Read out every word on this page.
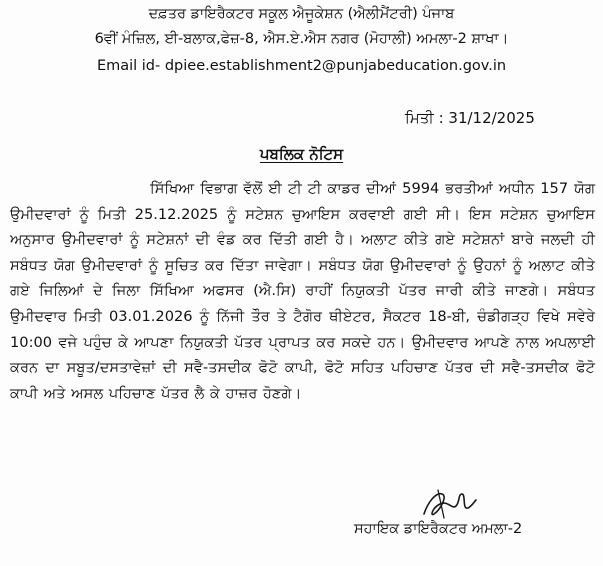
ਦਫ਼ਤਰ ਡਾਇਰੈਕਟਰ ਸਕੂਲ ਐਜੂਕੇਸ਼ਨ (ਐਲੀਮੈਂਟਰੀ) ਪੰਜਾਬ
6ਵੀਂ ਮੰਜ਼ਿਲ, ਈ-ਬਲਾਕ,ਫੇਜ਼-8, ਐਸ.ਏ.ਐਸ ਨਗਰ (ਮੋਹਾਲੀ) ਅਮਲਾ-2 ਸ਼ਾਖਾ।
Email id- dpiee.establishment2@punjabeducation.gov.in
ਮਿਤੀ : 31/12/2025
ਪਬਲਿਕ ਨੋਟਿਸ
ਸਿੱਖਿਆ ਵਿਭਾਗ ਵੱਲੋਂ ਈ ਟੀ ਟੀ ਕਾਡਰ ਦੀਆਂ 5994 ਭਰਤੀਆਂ ਅਧੀਨ 157 ਯੋਗ ਉਮੀਦਵਾਰਾਂ ਨੂੰ ਮਿਤੀ 25.12.2025 ਨੂੰ ਸਟੇਸ਼ਨ ਚੁਆਇਸ ਕਰਵਾਈ ਗਈ ਸੀ। ਇਸ ਸਟੇਸ਼ਨ ਚੁਆਇਸ ਅਨੁਸਾਰ ਉਮੀਦਵਾਰਾਂ ਨੂੰ ਸਟੇਸ਼ਨਾਂ ਦੀ ਵੰਡ ਕਰ ਦਿੱਤੀ ਗਈ ਹੈ। ਅਲਾਟ ਕੀਤੇ ਗਏ ਸਟੇਸ਼ਨਾਂ ਬਾਰੇ ਜਲਦੀ ਹੀ ਸਬੰਧਤ ਯੋਗ ਉਮੀਦਵਾਰਾਂ ਨੂੰ ਸੂਚਿਤ ਕਰ ਦਿੱਤਾ ਜਾਵੇਗਾ। ਸਬੰਧਤ ਯੋਗ ਉਮੀਦਵਾਰਾਂ ਨੂੰ ਉਹਨਾਂ ਨੂੰ ਅਲਾਟ ਕੀਤੇ ਗਏ ਜਿਲਿਆਂ ਦੇ ਜਿਲਾ ਸਿੱਖਿਆ ਅਫਸਰ (ਐ.ਸਿ) ਰਾਹੀਂ ਨਿਯੁਕਤੀ ਪੱਤਰ ਜਾਰੀ ਕੀਤੇ ਜਾਣਗੇ। ਸਬੰਧਤ ਉਮੀਦਵਾਰ ਮਿਤੀ 03.01.2026 ਨੂੰ ਨਿੱਜੀ ਤੌਰ ਤੇ ਟੈਗੋਰ ਥੀਏਟਰ, ਸੈਕਟਰ 18-ਬੀ, ਚੰਡੀਗੜ੍ਹ ਵਿਖੇ ਸਵੇਰੇ 10:00 ਵਜੇ ਪਹੁੰਚ ਕੇ ਆਪਣਾ ਨਿਯੁਕਤੀ ਪੱਤਰ ਪ੍ਰਾਪਤ ਕਰ ਸਕਦੇ ਹਨ। ਉਮੀਦਵਾਰ ਆਪਣੇ ਨਾਲ ਅਪਲਾਈ ਕਰਨ ਦਾ ਸਬੂਤ/ਦਸਤਾਵੇਜ਼ਾਂ ਦੀ ਸਵੈ-ਤਸਦੀਕ ਫੋਟੋ ਕਾਪੀ, ਫੋਟੋ ਸਹਿਤ ਪਹਿਚਾਣ ਪੱਤਰ ਦੀ ਸਵੈ-ਤਸਦੀਕ ਫੋਟੋ ਕਾਪੀ ਅਤੇ ਅਸਲ ਪਹਿਚਾਣ ਪੱਤਰ ਲੈ ਕੇ ਹਾਜ਼ਰ ਹੋਣਗੇ।
ਸਹਾਇਕ ਡਾਇਰੈਕਟਰ ਅਮਲਾ-2
